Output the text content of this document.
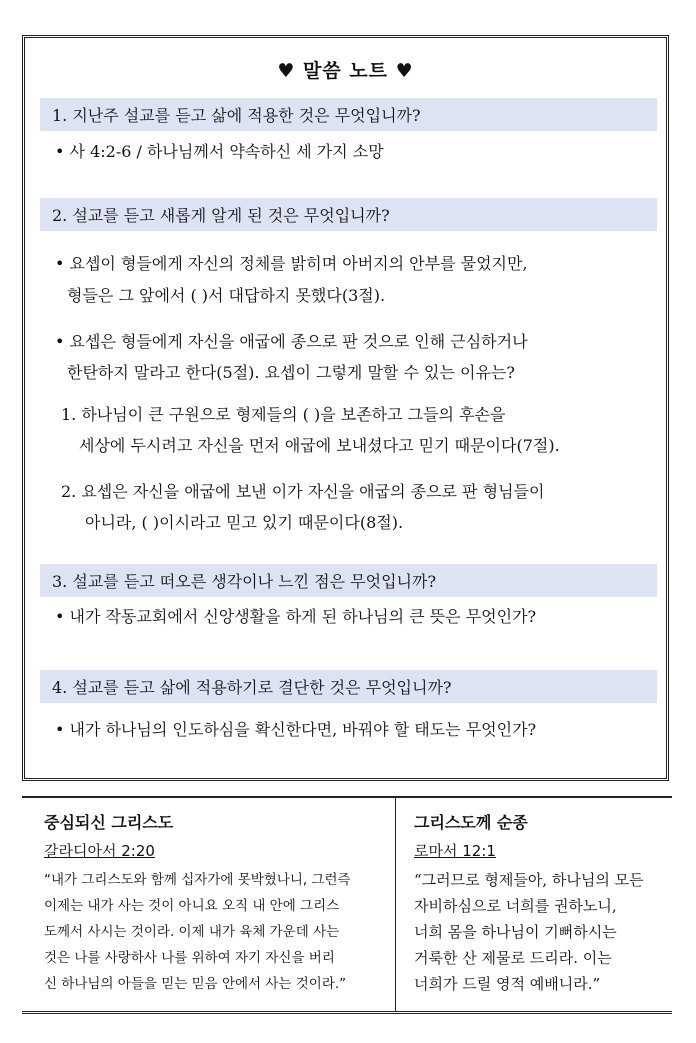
♥ 말씀 노트 ♥
1. 지난주 설교를 듣고 삶에 적용한 것은 무엇입니까?
• 사 4:2-6 / 하나님께서 약속하신 세 가지 소망
2. 설교를 듣고 새롭게 알게 된 것은 무엇입니까?
• 요셉이 형들에게 자신의 정체를 밝히며 아버지의 안부를 물었지만,
형들은 그 앞에서 ( )서 대답하지 못했다(3절).
• 요셉은 형들에게 자신을 애굽에 종으로 판 것으로 인해 근심하거나
한탄하지 말라고 한다(5절). 요셉이 그렇게 말할 수 있는 이유는?
1. 하나님이 큰 구원으로 형제들의 ( )을 보존하고 그들의 후손을
세상에 두시려고 자신을 먼저 애굽에 보내셨다고 믿기 때문이다(7절).
2. 요셉은 자신을 애굽에 보낸 이가 자신을 애굽의 종으로 판 형님들이
아니라, ( )이시라고 믿고 있기 때문이다(8절).
3. 설교를 듣고 떠오른 생각이나 느낀 점은 무엇입니까?
• 내가 작동교회에서 신앙생활을 하게 된 하나님의 큰 뜻은 무엇인가?
4. 설교를 듣고 삶에 적용하기로 결단한 것은 무엇입니까?
• 내가 하나님의 인도하심을 확신한다면, 바꿔야 할 태도는 무엇인가?
중심되신 그리스도
갈라디아서 2:20
“내가 그리스도와 함께 십자가에 못박혔나니, 그런즉
이제는 내가 사는 것이 아니요 오직 내 안에 그리스
도께서 사시는 것이라. 이제 내가 육체 가운데 사는
것은 나를 사랑하사 나를 위하여 자기 자신을 버리
신 하나님의 아들을 믿는 믿음 안에서 사는 것이라.”
그리스도께 순종
로마서 12:1
“그러므로 형제들아, 하나님의 모든
자비하심으로 너희를 권하노니,
너희 몸을 하나님이 기뻐하시는
거룩한 산 제물로 드리라. 이는
너희가 드릴 영적 예배니라.”
